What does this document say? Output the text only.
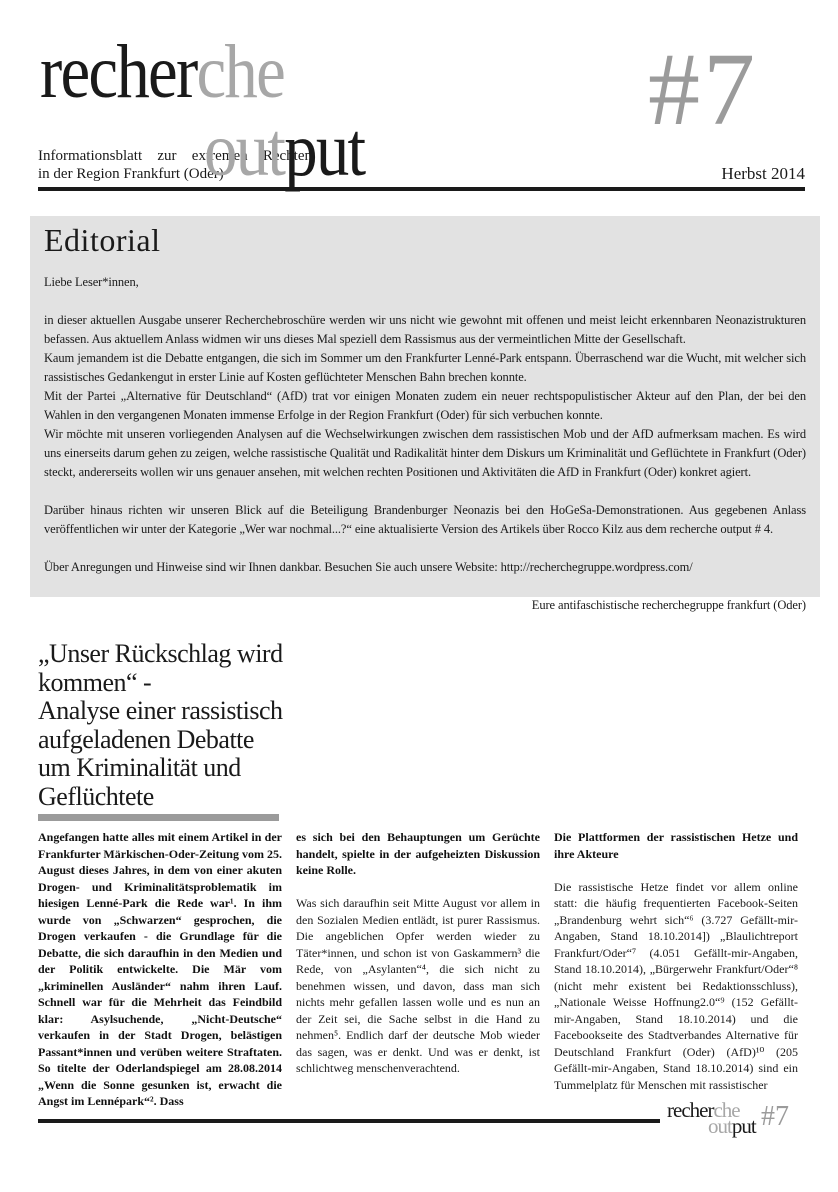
recherche
output
#7
Informationsblatt zur extremen Rechten
in der Region Frankfurt (Oder)	Herbst 2014
Editorial

Liebe Leser*innen,

in dieser aktuellen Ausgabe unserer Recherchebroschüre werden wir uns nicht wie gewohnt mit offenen und meist leicht erkennbaren Neonazistrukturen befassen. Aus aktuellem Anlass widmen wir uns dieses Mal speziell dem Rassismus aus der vermeintlichen Mitte der Gesellschaft.

Kaum jemandem ist die Debatte entgangen, die sich im Sommer um den Frankfurter Lenné-Park entspann. Überraschend war die Wucht, mit welcher sich rassistisches Gedankengut in erster Linie auf Kosten geflüchteter Menschen Bahn brechen konnte.

Mit der Partei „Alternative für Deutschland“ (AfD) trat vor einigen Monaten zudem ein neuer rechtspopulistischer Akteur auf den Plan, der bei den Wahlen in den vergangenen Monaten immense Erfolge in der Region Frankfurt (Oder) für sich verbuchen konnte.

Wir möchte mit unseren vorliegenden Analysen auf die Wechselwirkungen zwischen dem rassistischen Mob und der AfD aufmerksam machen. Es wird uns einerseits darum gehen zu zeigen, welche rassistische Qualität und Radikalität hinter dem Diskurs um Kriminalität und Geflüchtete in Frankfurt (Oder) steckt, andererseits wollen wir uns genauer ansehen, mit welchen rechten Positionen und Aktivitäten die AfD in Frankfurt (Oder) konkret agiert.

Darüber hinaus richten wir unseren Blick auf die Beteiligung Brandenburger Neonazis bei den HoGeSa-Demonstrationen. Aus gegebenen Anlass veröffentlichen wir unter der Kategorie „Wer war nochmal...?“ eine aktualisierte Version des Artikels über Rocco Kilz aus dem recherche output # 4.

Über Anregungen und Hinweise sind wir Ihnen dankbar. Besuchen Sie auch unsere Website: http://recherchegruppe.wordpress.com/

Eure antifaschistische recherchegruppe frankfurt (Oder)

„Unser Rückschlag wird
kommen“ -
Analyse einer rassistisch
aufgeladenen Debatte
um Kriminalität und
Geflüchtete

Angefangen hatte alles mit einem Artikel in der Frankfurter Märkischen-Oder-Zeitung vom 25. August dieses Jahres, in dem von einer akuten Drogen- und Kriminalitätsproblematik im hiesigen Lenné-Park die Rede war¹. In ihm wurde von „Schwarzen“ gesprochen, die Drogen verkaufen - die Grundlage für die Debatte, die sich daraufhin in den Medien und der Politik entwickelte. Die Mär vom „kriminellen Ausländer“ nahm ihren Lauf. Schnell war für die Mehrheit das Feindbild klar: Asylsuchende, „Nicht-Deutsche“ verkaufen in der Stadt Drogen, belästigen Passant*innen und verüben weitere Straftaten. So titelte der Oderlandspiegel am 28.08.2014 „Wenn die Sonne gesunken ist, erwacht die Angst im Lennépark“². Dass

es sich bei den Behauptungen um Gerüchte handelt, spielte in der aufgeheizten Diskussion keine Rolle.

Was sich daraufhin seit Mitte August vor allem in den Sozialen Medien entlädt, ist purer Rassismus. Die angeblichen Opfer werden wieder zu Täter*innen, und schon ist von Gaskammern³ die Rede, von „Asylanten“⁴, die sich nicht zu benehmen wissen, und davon, dass man sich nichts mehr gefallen lassen wolle und es nun an der Zeit sei, die Sache selbst in die Hand zu nehmen⁵. Endlich darf der deutsche Mob wieder das sagen, was er denkt. Und was er denkt, ist schlichtweg menschenverachtend.

Die Plattformen der rassistischen Hetze und ihre Akteure

Die rassistische Hetze findet vor allem online statt: die häufig frequentierten Facebook-Seiten „Brandenburg wehrt sich“⁶ (3.727 Gefällt-mir-Angaben, Stand 18.10.2014]) „Blaulichtreport Frankfurt/Oder“⁷ (4.051 Gefällt-mir-Angaben, Stand 18.10.2014), „Bürgerwehr Frankfurt/Oder“⁸ (nicht mehr existent bei Redaktionsschluss), „Nationale Weisse Hoffnung2.0“⁹ (152 Gefällt-mir-Angaben, Stand 18.10.2014) und die Facebookseite des Stadtverbandes Alternative für Deutschland Frankfurt (Oder) (AfD)¹⁰ (205 Gefällt-mir-Angaben, Stand 18.10.2014) sind ein Tummelplatz für Menschen mit rassistischer

recherche
output #7
